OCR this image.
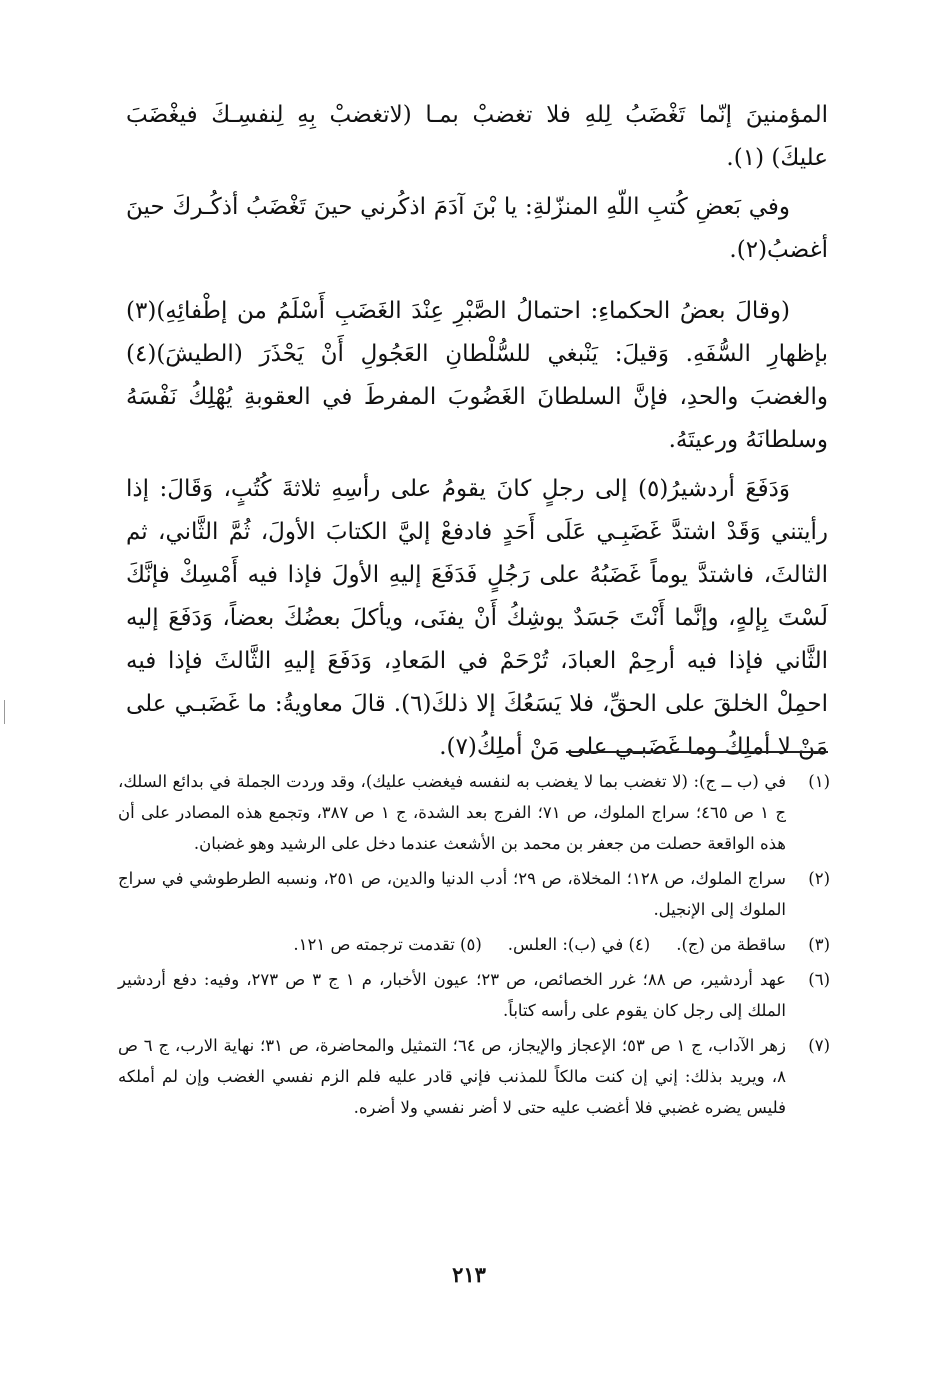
المؤمنينَ إنّما تَغْضَبُ لِلهِ فلا تغضبْ بمـا (لاتغضبْ بِهِ لِنفسِـكَ فيغْضَبَ عليكَ) (١).

وفي بَعضِ كُتبِ اللّهِ المنزّلةِ: يا بْنَ آدَمَ اذكُرني حينَ تَغْضَبُ أذكُـركَ حينَ أغضبُ(٢).

(وقالَ بعضُ الحكماءِ: احتمالُ الصَّبْرِ عِنْدَ الغَضَبِ أَسْلَمُ من إطْفائِهِ)(٣) بإظهارِ السُّفَهِ. وَقيلَ: يَنْبغي للسُّلْطانِ العَجُولِ أَنْ يَحْذَرَ (الطيشَ)(٤) والغضبَ والحدِ، فإنَّ السلطانَ الغَضُوبَ المفرطَ في العقوبةِ يُهْلِكُ نَفْسَهُ وسلطانَهُ ورعيتَهُ.

وَدَفَعَ أردشيرُ(٥) إلى رجلٍ كانَ يقومُ على رأسِهِ ثلاثةَ كُتُبٍ، وَقَالَ: إذا رأيتني وَقَدْ اشتدَّ غَضَبِـي عَلَى أَحَدٍ فادفعْ إليَّ الكتابَ الأولَ، ثُمَّ الثَّاني، ثم الثالثَ، فاشتدَّ يوماً غَضَبُهُ على رَجُلٍ فَدَفَعَ إليهِ الأولَ فإذا فيه أَمْسِكْ فإنَّكَ لَسْتَ بِإلهٍ، وإنَّما أَنْتَ جَسَدٌ يوشِكُ أَنْ يفنَى، ويأكلَ بعضُكَ بعضاً، وَدَفَعَ إليه الثَّاني فإذا فيه أرحِمْ العبادَ، تُرْحَمْ في المَعادِ، وَدَفَعَ إليهِ الثَّالثَ فإذا فيه احمِلْ الخلقَ على الحقِّ، فلا يَسَعُكَ إلا ذلكَ(٦). قالَ معاويةُ: ما غَضَبـي على مَنْ لا أملِكُ وما غَضَبـي على مَنْ أملِكُ(٧).

(١)
في (ب ــ ج): (لا تغضب بما لا يغضب به لنفسه فيغضب عليك)، وقد وردت الجملة في بدائع السلك، ج ١ ص ٤٦٥؛ سراج الملوك، ص ٧١؛ الفرج بعد الشدة، ج ١ ص ٣٨٧، وتجمع هذه المصادر على أن هذه الواقعة حصلت من جعفر بن محمد بن الأشعث عندما دخل على الرشيد وهو غضبان.
(٢)
سراج الملوك، ص ١٢٨؛ المخلاة، ص ٢٩؛ أدب الدنيا والدين، ص ٢٥١، ونسبه الطرطوشي في سراج الملوك إلى الإنجيل.
(٣)
ساقطة من (ج).
(٤) في (ب): العلس.
(٥) تقدمت ترجمته ص ١٢١.
(٦)
عهد أردشير، ص ٨٨؛ غرر الخصائص، ص ٢٣؛ عيون الأخبار، م ١ ج ٣ ص ٢٧٣، وفيه: دفع أردشير الملك إلى رجل كان يقوم على رأسه كتاباً.
(٧)
زهر الآداب، ج ١ ص ٥٣؛ الإعجاز والإيجاز، ص ٦٤؛ التمثيل والمحاضرة، ص ٣١؛ نهاية الارب، ج ٦ ص ٨، ويريد بذلك: إني إن كنت مالكاً للمذنب فإني قادر عليه فلم الزم نفسي الغضب وإن لم أملكه فليس يضره غضبي فلا أغضب عليه حتى لا أضر نفسي ولا أضره.
٢١٣
